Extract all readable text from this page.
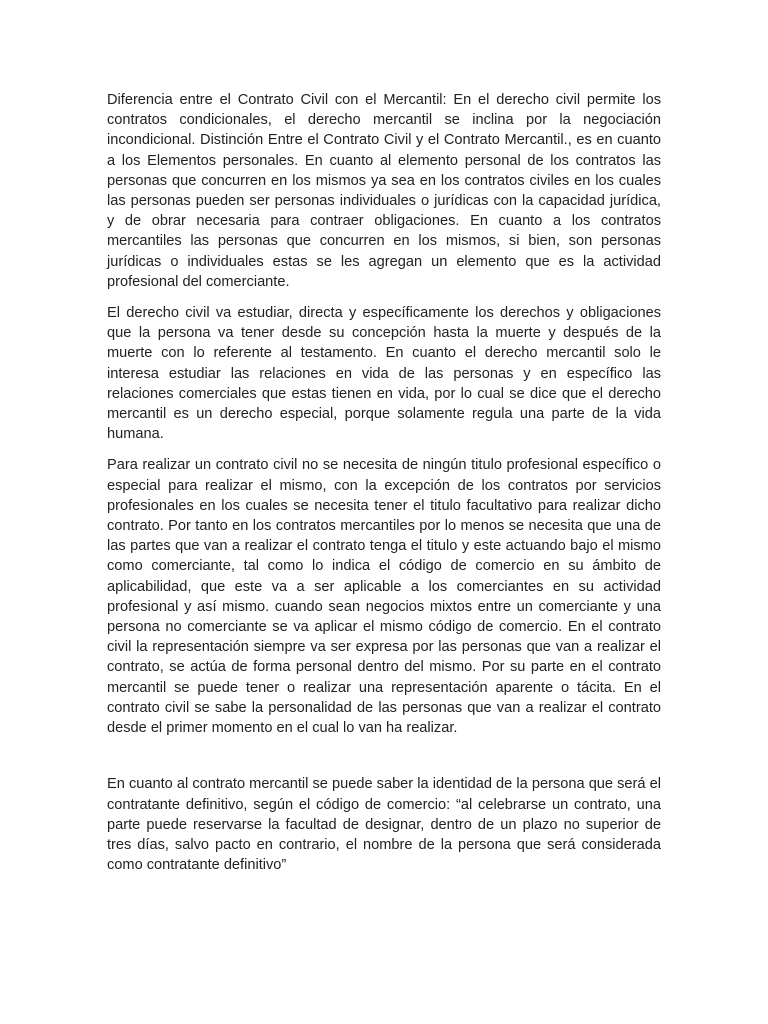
Diferencia entre el Contrato Civil con el Mercantil: En el derecho civil permite los contratos condicionales, el derecho mercantil se inclina por la negociación incondicional. Distinción Entre el Contrato Civil y el Contrato Mercantil., es en cuanto a los Elementos personales. En cuanto al elemento personal de los contratos las personas que concurren en los mismos ya sea en los contratos civiles en los cuales las personas pueden ser personas individuales o jurídicas con la capacidad jurídica, y de obrar necesaria para contraer obligaciones. En cuanto a los contratos mercantiles las personas que concurren en los mismos, si bien, son personas jurídicas o individuales estas se les agregan un elemento que es la actividad profesional del comerciante.

El derecho civil va estudiar, directa y específicamente los derechos y obligaciones que la persona va tener desde su concepción hasta la muerte y después de la muerte con lo referente al testamento. En cuanto el derecho mercantil solo le interesa estudiar las relaciones en vida de las personas y en específico las relaciones comerciales que estas tienen en vida, por lo cual se dice que el derecho mercantil es un derecho especial, porque solamente regula una parte de la vida humana.

Para realizar un contrato civil no se necesita de ningún titulo profesional específico o especial para realizar el mismo, con la excepción de los contratos por servicios profesionales en los cuales se necesita tener el titulo facultativo para realizar dicho contrato. Por tanto en los contratos mercantiles por lo menos se necesita que una de las partes que van a realizar el contrato tenga el titulo y este actuando bajo el mismo como comerciante, tal como lo indica el código de comercio en su ámbito de aplicabilidad, que este va a ser aplicable a los comerciantes en su actividad profesional y así mismo. cuando sean negocios mixtos entre un comerciante y una persona no comerciante se va aplicar el mismo código de comercio. En el contrato civil la representación siempre va ser expresa por las personas que van a realizar el contrato, se actúa de forma personal dentro del mismo. Por su parte en el contrato mercantil se puede tener o realizar una representación aparente o tácita. En el contrato civil se sabe la personalidad de las personas que van a realizar el contrato desde el primer momento en el cual lo van ha realizar.

En cuanto al contrato mercantil se puede saber la identidad de la persona que será el contratante definitivo, según el código de comercio: “al celebrarse un contrato, una parte puede reservarse la facultad de designar, dentro de un plazo no superior de tres días, salvo pacto en contrario, el nombre de la persona que será considerada como contratante definitivo”
